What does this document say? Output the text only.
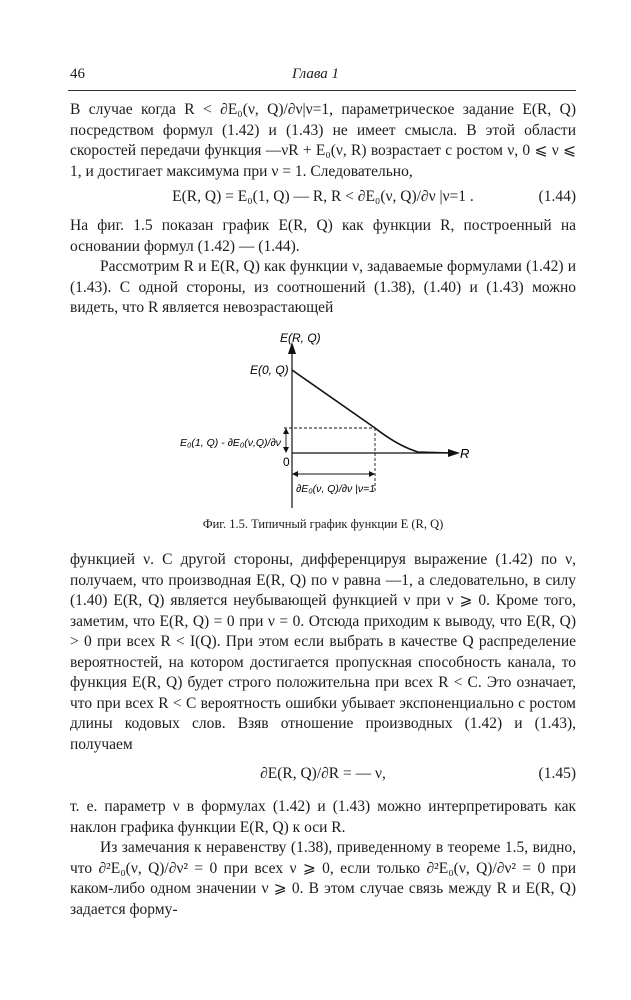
46	Глава 1

В случае когда R < ∂E₀(ν, Q)/∂ν|ν=1, параметрическое задание E(R, Q) посредством формул (1.42) и (1.43) не имеет смысла. В этой области скоростей передачи функция —νR + E₀(ν, R) возрастает с ростом ν, 0 ⩽ ν ⩽ 1, и достигает максимума при ν = 1. Следовательно,

E(R, Q) = E₀(1, Q) — R, R < ∂E₀(ν, Q)/∂ν |ν=1 .	(1.44)

На фиг. 1.5 показан график E(R, Q) как функции R, построенный на основании формул (1.42) — (1.44).

Рассмотрим R и E(R, Q) как функции ν, задаваемые формулами (1.42) и (1.43). С одной стороны, из соотношений (1.38), (1.40) и (1.43) можно видеть, что R является невозрастающей

E(R, Q)
E(0, Q)
0
R
E₀(1, Q) - ∂E₀(ν,Q)/∂ν
∂E₀(ν, Q)/∂ν |ν=1
Фиг. 1.5. Типичный график функции E (R, Q)

функцией ν. С другой стороны, дифференцируя выражение (1.42) по ν, получаем, что производная E(R, Q) по ν равна —1, а следовательно, в силу (1.40) E(R, Q) является неубывающей функцией ν при ν ⩾ 0. Кроме того, заметим, что E(R, Q) = 0 при ν = 0. Отсюда приходим к выводу, что E(R, Q) > 0 при всех R < I(Q). При этом если выбрать в качестве Q распределение вероятностей, на котором достигается пропускная способность канала, то функция E(R, Q) будет строго положительна при всех R < C. Это означает, что при всех R < C вероятность ошибки убывает экспоненциально с ростом длины кодовых слов. Взяв отношение производных (1.42) и (1.43), получаем

∂E(R, Q)/∂R = — ν,	(1.45)

т. е. параметр ν в формулах (1.42) и (1.43) можно интерпретировать как наклон графика функции E(R, Q) к оси R.

Из замечания к неравенству (1.38), приведенному в теореме 1.5, видно, что ∂²E₀(ν, Q)/∂ν² = 0 при всех ν ⩾ 0, если только ∂²E₀(ν, Q)/∂ν² = 0 при каком-либо одном значении ν ⩾ 0. В этом случае связь между R и E(R, Q) задается форму-
